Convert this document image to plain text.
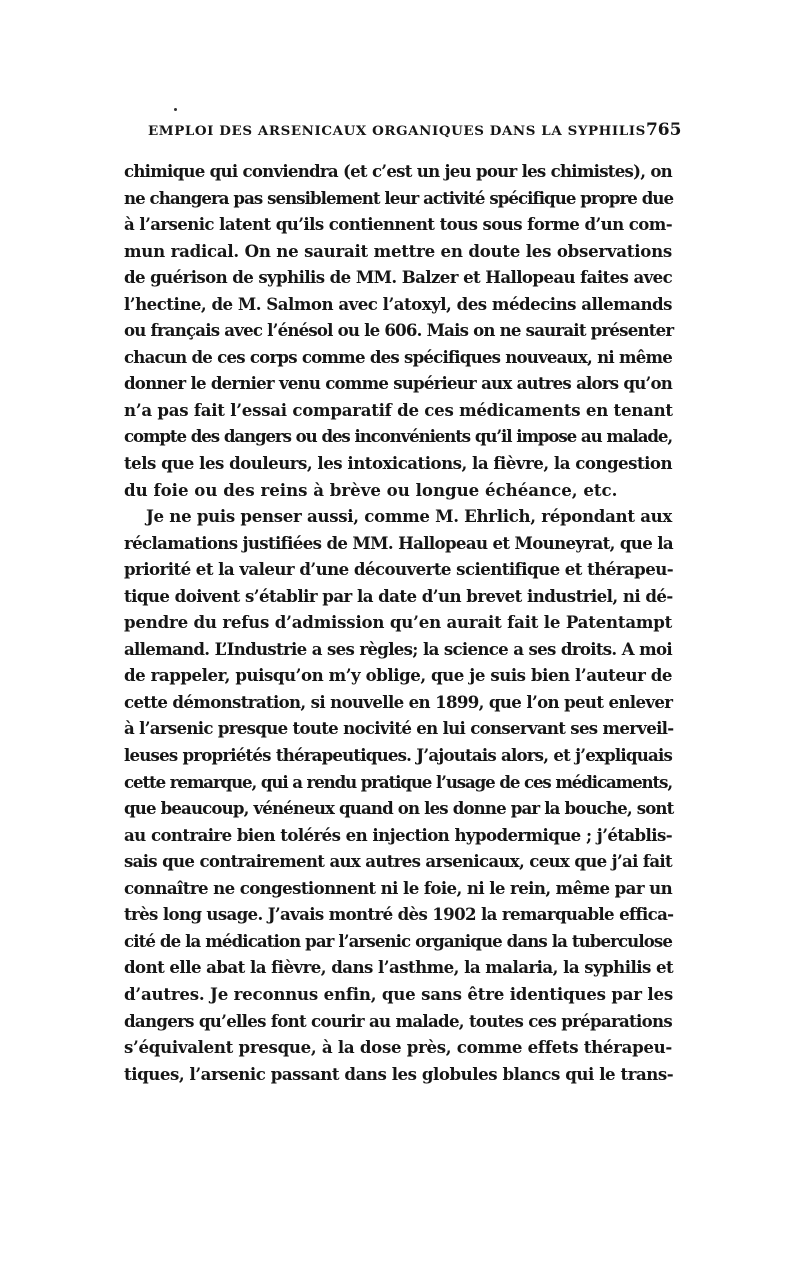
EMPLOI DES ARSENICAUX ORGANIQUES DANS LA SYPHILIS 765
chimique qui conviendra (et c’est un jeu pour les chimistes), on
ne changera pas sensiblement leur activité spécifique propre due
à l’arsenic latent qu’ils contiennent tous sous forme d’un com-
mun radical. On ne saurait mettre en doute les observations
de guérison de syphilis de MM. Balzer et Hallopeau faites avec
l’hectine, de M. Salmon avec l’atoxyl, des médecins allemands
ou français avec l’énésol ou le 606. Mais on ne saurait présenter
chacun de ces corps comme des spécifiques nouveaux, ni même
donner le dernier venu comme supérieur aux autres alors qu’on
n’a pas fait l’essai comparatif de ces médicaments en tenant
compte des dangers ou des inconvénients qu’il impose au malade,
tels que les douleurs, les intoxications, la fièvre, la congestion
du foie ou des reins à brève ou longue échéance, etc.
Je ne puis penser aussi, comme M. Ehrlich, répondant aux
réclamations justifiées de MM. Hallopeau et Mouneyrat, que la
priorité et la valeur d’une découverte scientifique et thérapeu-
tique doivent s’établir par la date d’un brevet industriel, ni dé-
pendre du refus d’admission qu’en aurait fait le Patentampt
allemand. L’Industrie a ses règles; la science a ses droits. A moi
de rappeler, puisqu’on m’y oblige, que je suis bien l’auteur de
cette démonstration, si nouvelle en 1899, que l’on peut enlever
à l’arsenic presque toute nocivité en lui conservant ses merveil-
leuses propriétés thérapeutiques. J’ajoutais alors, et j’expliquais
cette remarque, qui a rendu pratique l’usage de ces médicaments,
que beaucoup, vénéneux quand on les donne par la bouche, sont
au contraire bien tolérés en injection hypodermique ; j’établis-
sais que contrairement aux autres arsenicaux, ceux que j’ai fait
connaître ne congestionnent ni le foie, ni le rein, même par un
très long usage. J’avais montré dès 1902 la remarquable effica-
cité de la médication par l’arsenic organique dans la tuberculose
dont elle abat la fièvre, dans l’asthme, la malaria, la syphilis et
d’autres. Je reconnus enfin, que sans être identiques par les
dangers qu’elles font courir au malade, toutes ces préparations
s’équivalent presque, à la dose près, comme effets thérapeu-
tiques, l’arsenic passant dans les globules blancs qui le trans-
